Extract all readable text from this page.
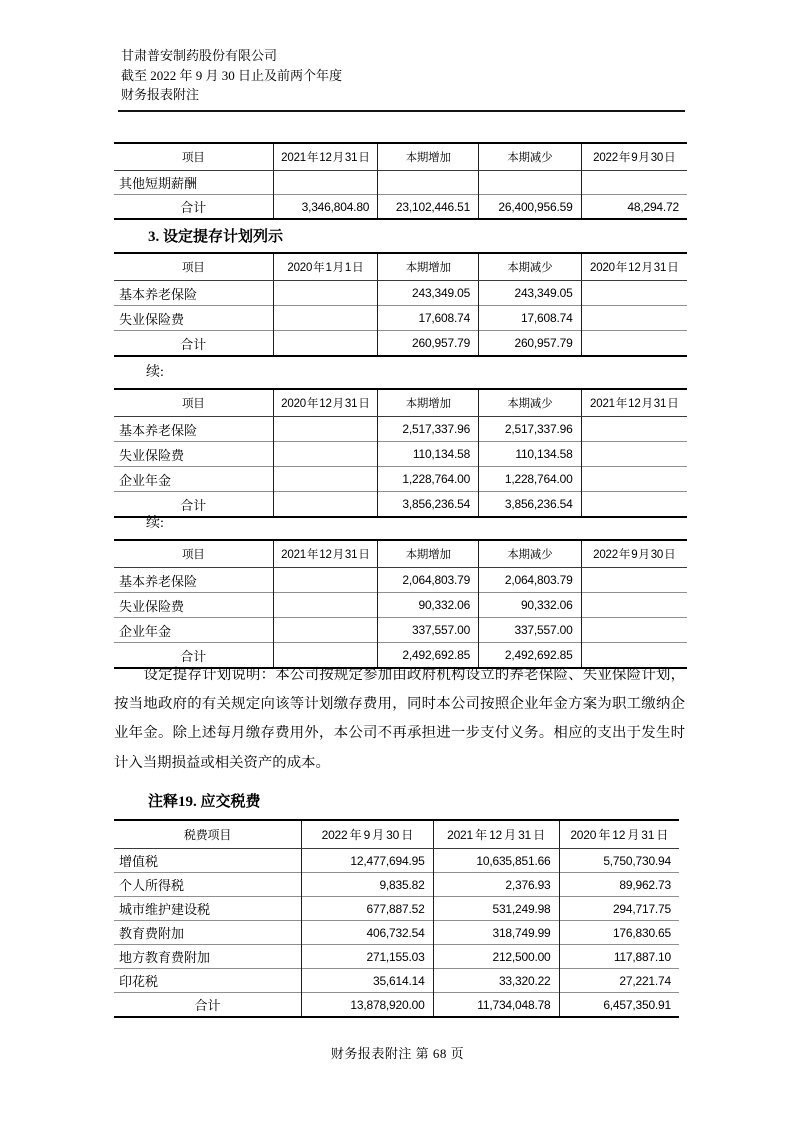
甘肃普安制药股份有限公司
截至 2022 年 9 月 30 日止及前两个年度
财务报表附注
项目	2021 年 12 月 31 日	本期增加	本期减少	2022 年 9 月 30 日
其他短期薪酬				
合计	3,346,804.80	23,102,446.51	26,400,956.59	48,294.72
3. 设定提存计划列示
项目	2020 年 1 月 1 日	本期增加	本期减少	2020 年 12 月 31 日
基本养老保险		243,349.05	243,349.05	
失业保险费		17,608.74	17,608.74	
合计		260,957.79	260,957.79	
续:
项目	2020 年 12 月 31 日	本期增加	本期减少	2021 年 12 月 31 日
基本养老保险		2,517,337.96	2,517,337.96	
失业保险费		110,134.58	110,134.58	
企业年金		1,228,764.00	1,228,764.00	
合计		3,856,236.54	3,856,236.54	
续:
项目	2021 年 12 月 31 日	本期增加	本期减少	2022 年 9 月 30 日
基本养老保险		2,064,803.79	2,064,803.79	
失业保险费		90,332.06	90,332.06	
企业年金		337,557.00	337,557.00	
合计		2,492,692.85	2,492,692.85	

设定提存计划说明：本公司按规定参加由政府机构设立的养老保险、失业保险计划，按当地政府的有关规定向该等计划缴存费用，同时本公司按照企业年金方案为职工缴纳企业年金。除上述每月缴存费用外，本公司不再承担进一步支付义务。相应的支出于发生时计入当期损益或相关资产的成本。

注释19. 应交税费
税费项目	2022 年 9 月 30 日	2021 年 12 月 31 日	2020 年 12 月 31 日
增值税	12,477,694.95	10,635,851.66	5,750,730.94
个人所得税	9,835.82	2,376.93	89,962.73
城市维护建设税	677,887.52	531,249.98	294,717.75
教育费附加	406,732.54	318,749.99	176,830.65
地方教育费附加	271,155.03	212,500.00	117,887.10
印花税	35,614.14	33,320.22	27,221.74
合计	13,878,920.00	11,734,048.78	6,457,350.91
财务报表附注 第 68 页
